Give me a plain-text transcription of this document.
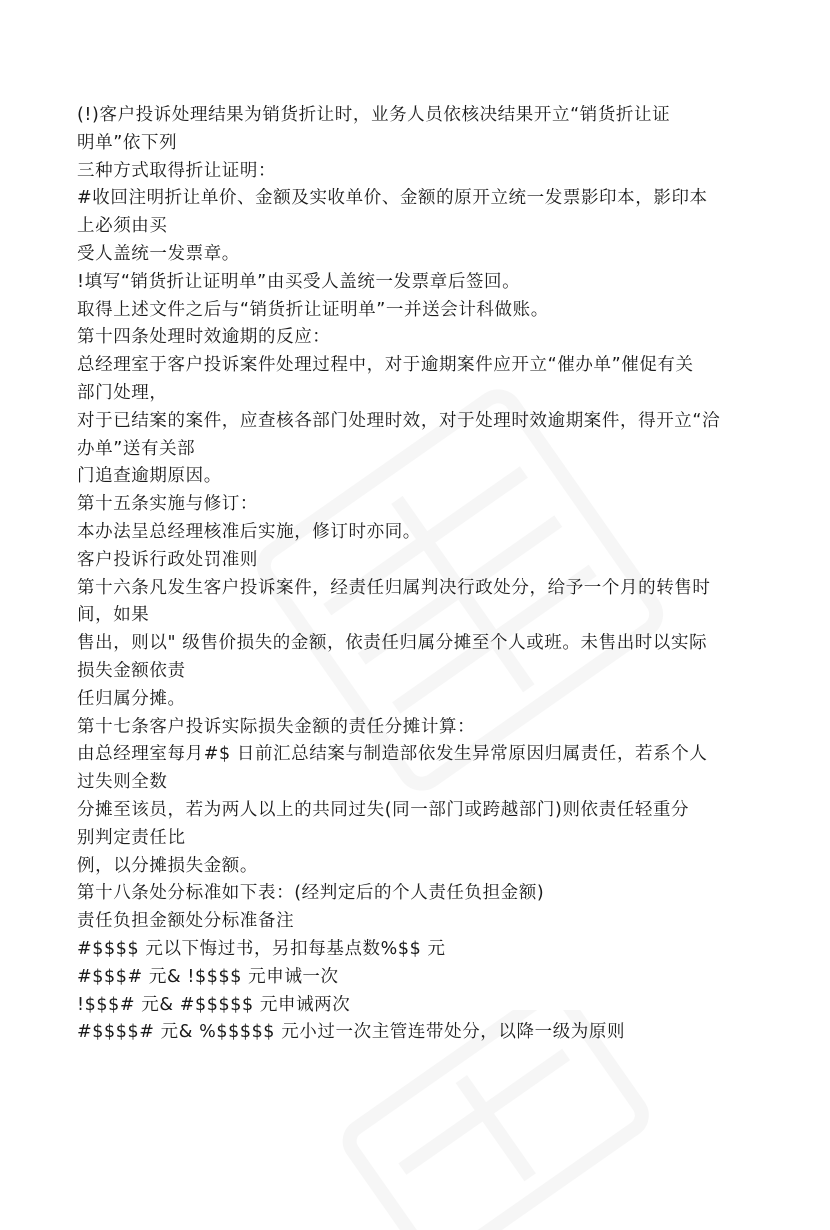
(!)客户投诉处理结果为销货折让时，业务人员依核决结果开立“销货折让证
明单”依下列
三种方式取得折让证明：
#收回注明折让单价、金额及实收单价、金额的原开立统一发票影印本，影印本
上必须由买
受人盖统一发票章。
!填写“销货折让证明单”由买受人盖统一发票章后签回。
取得上述文件之后与“销货折让证明单”一并送会计科做账。
第十四条处理时效逾期的反应：
总经理室于客户投诉案件处理过程中，对于逾期案件应开立“催办单”催促有关
部门处理，
对于已结案的案件，应查核各部门处理时效，对于处理时效逾期案件，得开立“洽
办单”送有关部
门追查逾期原因。
第十五条实施与修订：
本办法呈总经理核准后实施，修订时亦同。
客户投诉行政处罚准则
第十六条凡发生客户投诉案件，经责任归属判决行政处分，给予一个月的转售时
间，如果
售出，则以" 级售价损失的金额，依责任归属分摊至个人或班。未售出时以实际
损失金额依责
任归属分摊。
第十七条客户投诉实际损失金额的责任分摊计算：
由总经理室每月#$ 日前汇总结案与制造部依发生异常原因归属责任，若系个人
过失则全数
分摊至该员，若为两人以上的共同过失(同一部门或跨越部门)则依责任轻重分
别判定责任比
例，以分摊损失金额。
第十八条处分标准如下表：(经判定后的个人责任负担金额)
责任负担金额处分标准备注
#$$$$ 元以下悔过书，另扣每基点数%$$ 元
#$$$# 元& !$$$$ 元申诫一次
!$$$# 元& #$$$$$ 元申诫两次
#$$$$# 元& %$$$$$ 元小过一次主管连带处分，以降一级为原则
